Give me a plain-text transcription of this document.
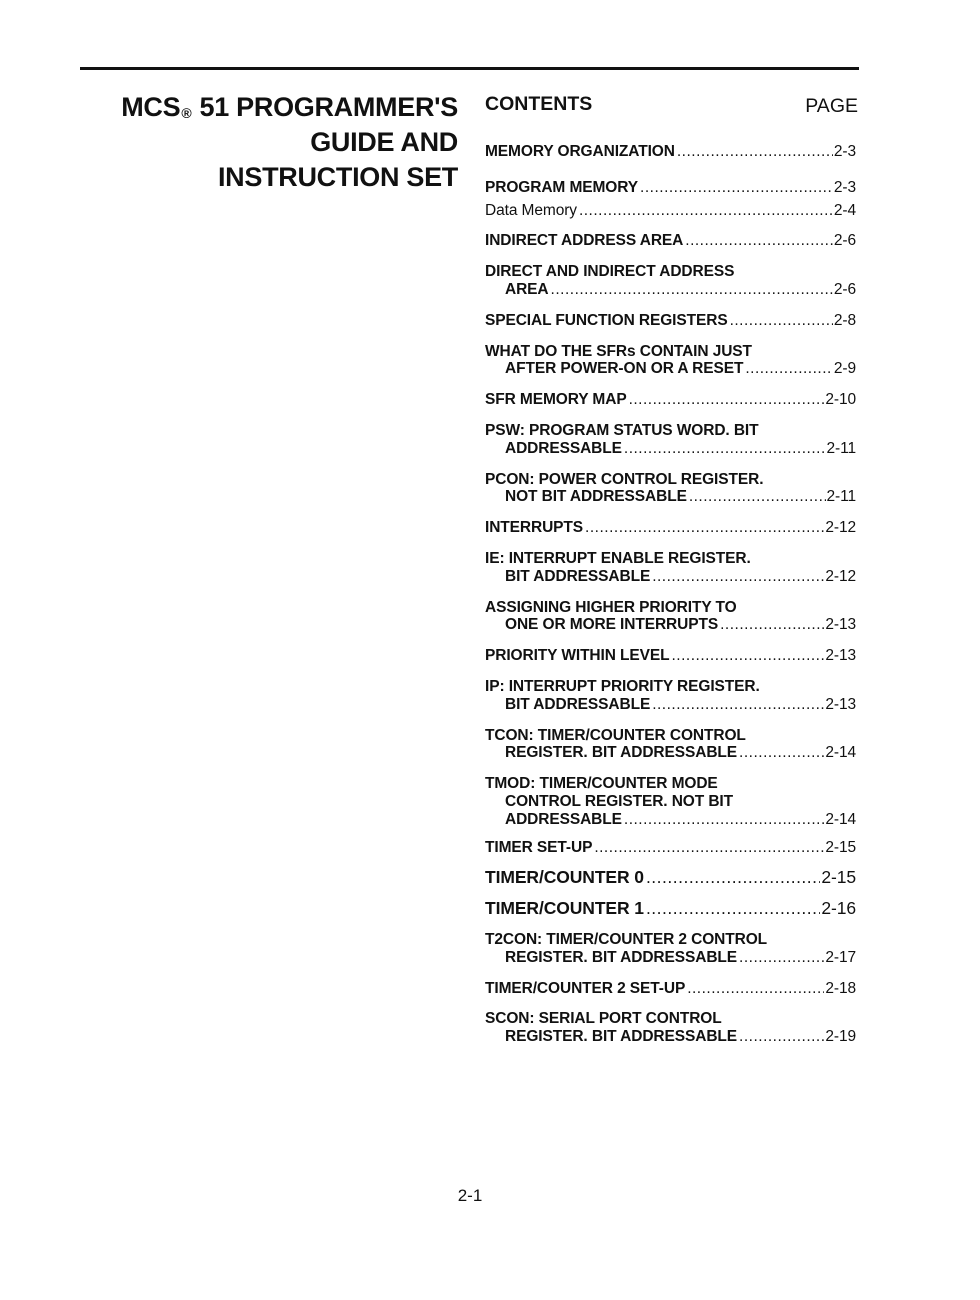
MCS® 51 PROGRAMMER'S
GUIDE AND
INSTRUCTION SET
CONTENTS	PAGE
MEMORY ORGANIZATION .....	2-3
PROGRAM MEMORY .....	2-3
Data Memory .....	2-4
INDIRECT ADDRESS AREA .....	2-6
DIRECT AND INDIRECT ADDRESS
AREA .....	2-6
SPECIAL FUNCTION REGISTERS .....	2-8
WHAT DO THE SFRs CONTAIN JUST
AFTER POWER-ON OR A RESET .....	2-9
SFR MEMORY MAP .....	2-10
PSW: PROGRAM STATUS WORD. BIT
ADDRESSABLE .....	2-11
PCON: POWER CONTROL REGISTER.
NOT BIT ADDRESSABLE .....	2-11
INTERRUPTS .....	2-12
IE: INTERRUPT ENABLE REGISTER.
BIT ADDRESSABLE .....	2-12
ASSIGNING HIGHER PRIORITY TO
ONE OR MORE INTERRUPTS .....	2-13
PRIORITY WITHIN LEVEL .....	2-13
IP: INTERRUPT PRIORITY REGISTER.
BIT ADDRESSABLE .....	2-13
TCON: TIMER/COUNTER CONTROL
REGISTER. BIT ADDRESSABLE .....	2-14
TMOD: TIMER/COUNTER MODE
CONTROL REGISTER. NOT BIT
ADDRESSABLE .....	2-14
TIMER SET-UP .....	2-15
TIMER/COUNTER 0 .....	2-15
TIMER/COUNTER 1 .....	2-16
T2CON: TIMER/COUNTER 2 CONTROL
REGISTER. BIT ADDRESSABLE .....	2-17
TIMER/COUNTER 2 SET-UP .....	2-18
SCON: SERIAL PORT CONTROL
REGISTER. BIT ADDRESSABLE .....	2-19
2-1
